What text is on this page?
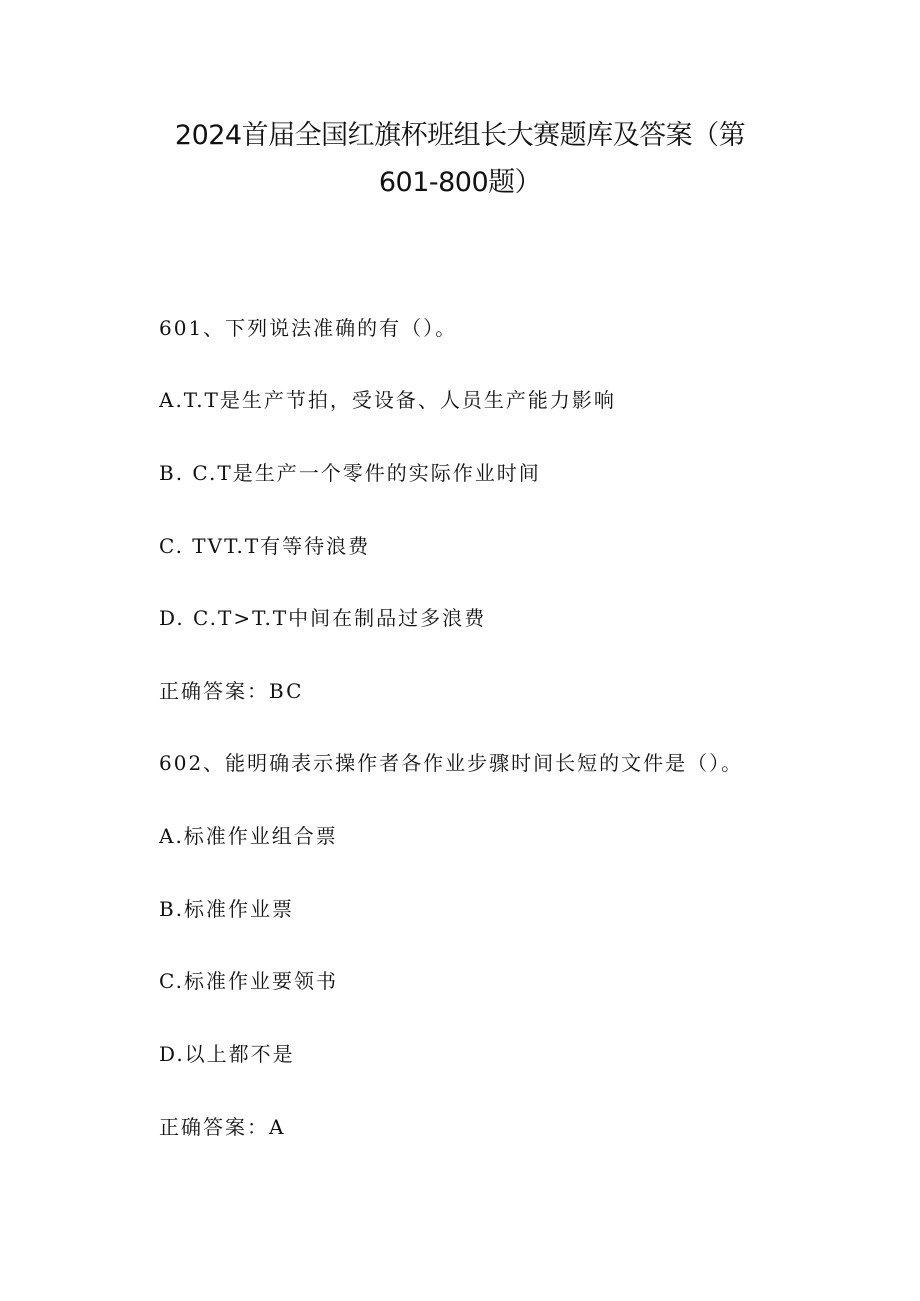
2024首届全国红旗杯班组长大赛题库及答案（第
601-800题）
601、下列说法准确的有（）。
A.T.T是生产节拍，受设备、人员生产能力影响
B. C.T是生产一个零件的实际作业时间
C. TVT.T有等待浪费
D. C.T>T.T中间在制品过多浪费
正确答案：BC
602、能明确表示操作者各作业步骤时间长短的文件是（）。
A.标准作业组合票
B.标准作业票
C.标准作业要领书
D.以上都不是
正确答案：A
